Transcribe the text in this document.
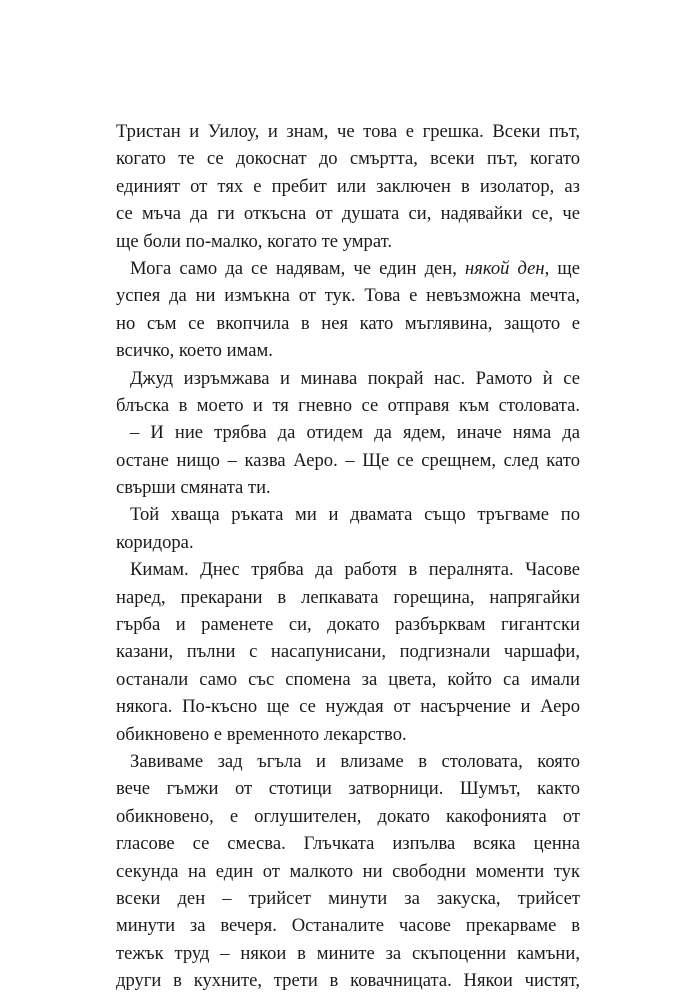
Тристан и Уилоу, и знам, че това е грешка. Всеки път,
когато те се докоснат до смъртта, всеки път, когато
единият от тях е пребит или заключен в изолатор, аз
се мъча да ги откъсна от душата си, надявайки се, че
ще боли по-малко, когато те умрат.
Мога само да се надявам, че един ден, някой ден, ще
успея да ни измъкна от тук. Това е невъзможна мечта,
но съм се вкопчила в нея като мъглявина, защото е
всичко, което имам.
Джуд изръмжава и минава покрай нас. Рамото ѝ се
блъска в моето и тя гневно се отправя към столовата.
– И ние трябва да отидем да ядем, иначе няма да
остане нищо – казва Аеро. – Ще се срещнем, след като
свърши смяната ти.
Той хваща ръката ми и двамата също тръгваме по
коридора.
Кимам. Днес трябва да работя в пералнята. Часове
наред, прекарани в лепкавата горещина, напрягайки
гърба и раменете си, докато разбърквам гигантски
казани, пълни с насапунисани, подгизнали чаршафи,
останали само със спомена за цвета, който са имали
някога. По-късно ще се нуждая от насърчение и Аеро
обикновено е временното лекарство.
Завиваме зад ъгъла и влизаме в столовата, която
вече гъмжи от стотици затворници. Шумът, както
обикновено, е оглушителен, докато какофонията от
гласове се смесва. Глъчката изпълва всяка ценна
секунда на един от малкото ни свободни моменти тук
всеки ден – трийсет минути за закуска, трийсет
минути за вечеря. Останалите часове прекарваме в
тежък труд – някои в мините за скъпоценни камъни,
други в кухните, трети в ковачницата. Някои чистят,
